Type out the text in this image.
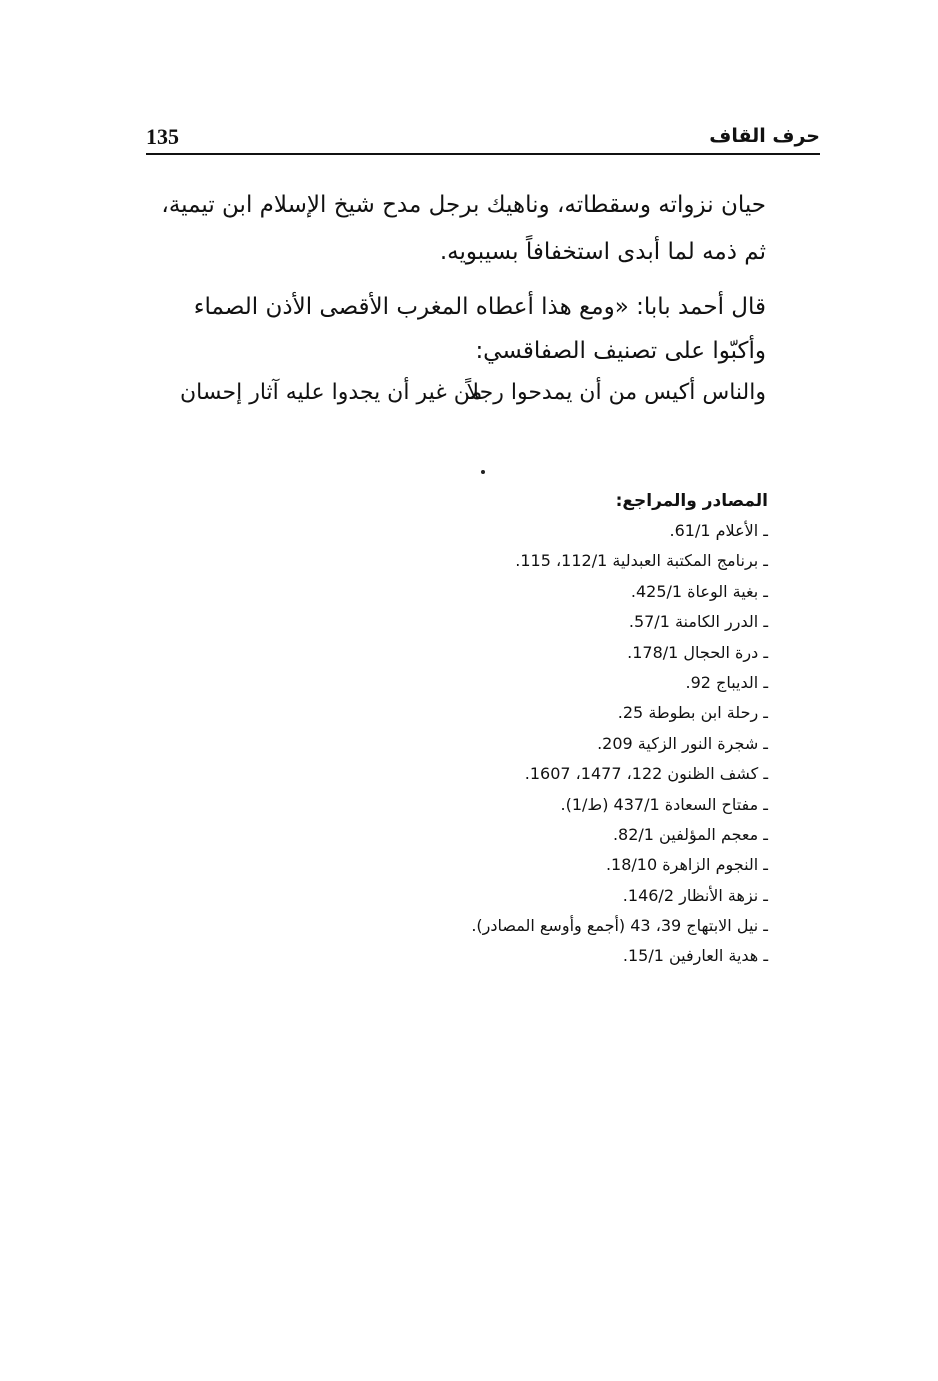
135	حرف القاف
حيان نزواته وسقطاته، وناهيك برجل مدح شيخ الإسلام ابن تيمية،
ثم ذمه لما أبدى استخفافاً بسيبويه.
قال أحمد بابا: «ومع هذا أعطاه المغرب الأقصى الأذن الصماء
وأكبّوا على تصنيف الصفاقسي:
والناس أكيس من أن يمدحوا رجلاً
من غير أن يجدوا عليه آثار إحسان
المصادر والمراجع:
ـ الأعلام 61/1.
ـ برنامج المكتبة العبدلية 112/1، 115.
ـ بغية الوعاة 425/1.
ـ الدرر الكامنة 57/1.
ـ درة الحجال 178/1.
ـ الديباج 92.
ـ رحلة ابن بطوطة 25.
ـ شجرة النور الزكية 209.
ـ كشف الظنون 122، 1477، 1607.
ـ مفتاح السعادة 437/1 (ط/1).
ـ معجم المؤلفين 82/1.
ـ النجوم الزاهرة 18/10.
ـ نزهة الأنظار 146/2.
ـ نيل الابتهاج 39، 43 (أجمع وأوسع المصادر).
ـ هدية العارفين 15/1.
